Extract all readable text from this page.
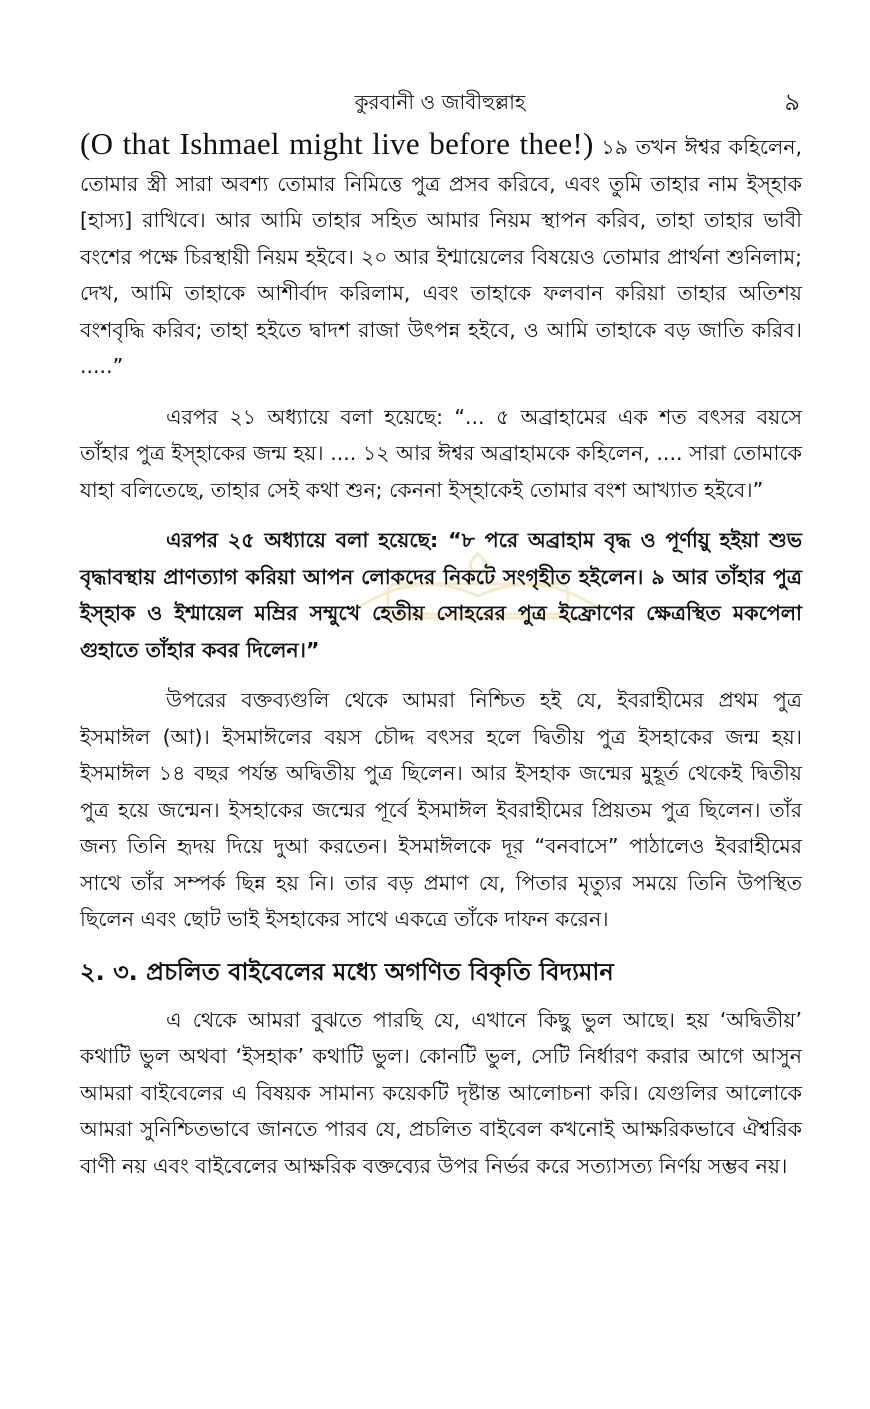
কুরবানী ও জাবীহুল্লাহ	৯

(O that Ishmael might live before thee!) ১৯ তখন ঈশ্বর কহিলেন, তোমার স্ত্রী সারা অবশ্য তোমার নিমিত্তে পুত্র প্রসব করিবে, এবং তুমি তাহার নাম ইস্‌হাক [হাস্য] রাখিবে। আর আমি তাহার সহিত আমার নিয়ম স্থাপন করিব, তাহা তাহার ভাবী বংশের পক্ষে চিরস্থায়ী নিয়ম হইবে। ২০ আর ইশ্মায়েলের বিষয়েও তোমার প্রার্থনা শুনিলাম; দেখ, আমি তাহাকে আশীর্বাদ করিলাম, এবং তাহাকে ফলবান করিয়া তাহার অতিশয় বংশবৃদ্ধি করিব; তাহা হইতে দ্বাদশ রাজা উৎপন্ন হইবে, ও আমি তাহাকে বড় জাতি করিব। .....”

এরপর ২১ অধ্যায়ে বলা হয়েছে: “... ৫ অব্রাহামের এক শত বৎসর বয়সে তাঁহার পুত্র ইস্‌হাকের জন্ম হয়। .... ১২ আর ঈশ্বর অব্রাহামকে কহিলেন, .... সারা তোমাকে যাহা বলিতেছে, তাহার সেই কথা শুন; কেননা ইস্‌হাকেই তোমার বংশ আখ্যাত হইবে।”

এরপর ২৫ অধ্যায়ে বলা হয়েছে: “৮ পরে অব্রাহাম বৃদ্ধ ও পূর্ণায়ু হইয়া শুভ বৃদ্ধাবস্থায় প্রাণত্যাগ করিয়া আপন লোকদের নিকটে সংগৃহীত হইলেন। ৯ আর তাঁহার পুত্র ইস্‌হাক ও ইশ্মায়েল মম্রির সম্মুখে হেতীয় সোহরের পুত্র ইফ্রোণের ক্ষেত্রস্থিত মকপেলা গুহাতে তাঁহার কবর দিলেন।”

উপরের বক্তব্যগুলি থেকে আমরা নিশ্চিত হই যে, ইবরাহীমের প্রথম পুত্র ইসমাঈল (আ)। ইসমাঈলের বয়স চৌদ্দ বৎসর হলে দ্বিতীয় পুত্র ইসহাকের জন্ম হয়। ইসমাঈল ১৪ বছর পর্যন্ত অদ্বিতীয় পুত্র ছিলেন। আর ইসহাক জন্মের মুহূর্ত থেকেই দ্বিতীয় পুত্র হয়ে জন্মেন। ইসহাকের জন্মের পূর্বে ইসমাঈল ইবরাহীমের প্রিয়তম পুত্র ছিলেন। তাঁর জন্য তিনি হৃদয় দিয়ে দুআ করতেন। ইসমাঈলকে দূর “বনবাসে” পাঠালেও ইবরাহীমের সাথে তাঁর সম্পর্ক ছিন্ন হয় নি। তার বড় প্রমাণ যে, পিতার মৃত্যুর সময়ে তিনি উপস্থিত ছিলেন এবং ছোট ভাই ইসহাকের সাথে একত্রে তাঁকে দাফন করেন।

২. ৩. প্রচলিত বাইবেলের মধ্যে অগণিত বিকৃতি বিদ্যমান

এ থেকে আমরা বুঝতে পারছি যে, এখানে কিছু ভুল আছে। হয় ‘অদ্বিতীয়’ কথাটি ভুল অথবা ‘ইসহাক’ কথাটি ভুল। কোনটি ভুল, সেটি নির্ধারণ করার আগে আসুন আমরা বাইবেলের এ বিষয়ক সামান্য কয়েকটি দৃষ্টান্ত আলোচনা করি। যেগুলির আলোকে আমরা সুনিশ্চিতভাবে জানতে পারব যে, প্রচলিত বাইবেল কখনোই আক্ষরিকভাবে ঐশ্বরিক বাণী নয় এবং বাইবেলের আক্ষরিক বক্তব্যের উপর নির্ভর করে সত্যাসত্য নির্ণয় সম্ভব নয়।
